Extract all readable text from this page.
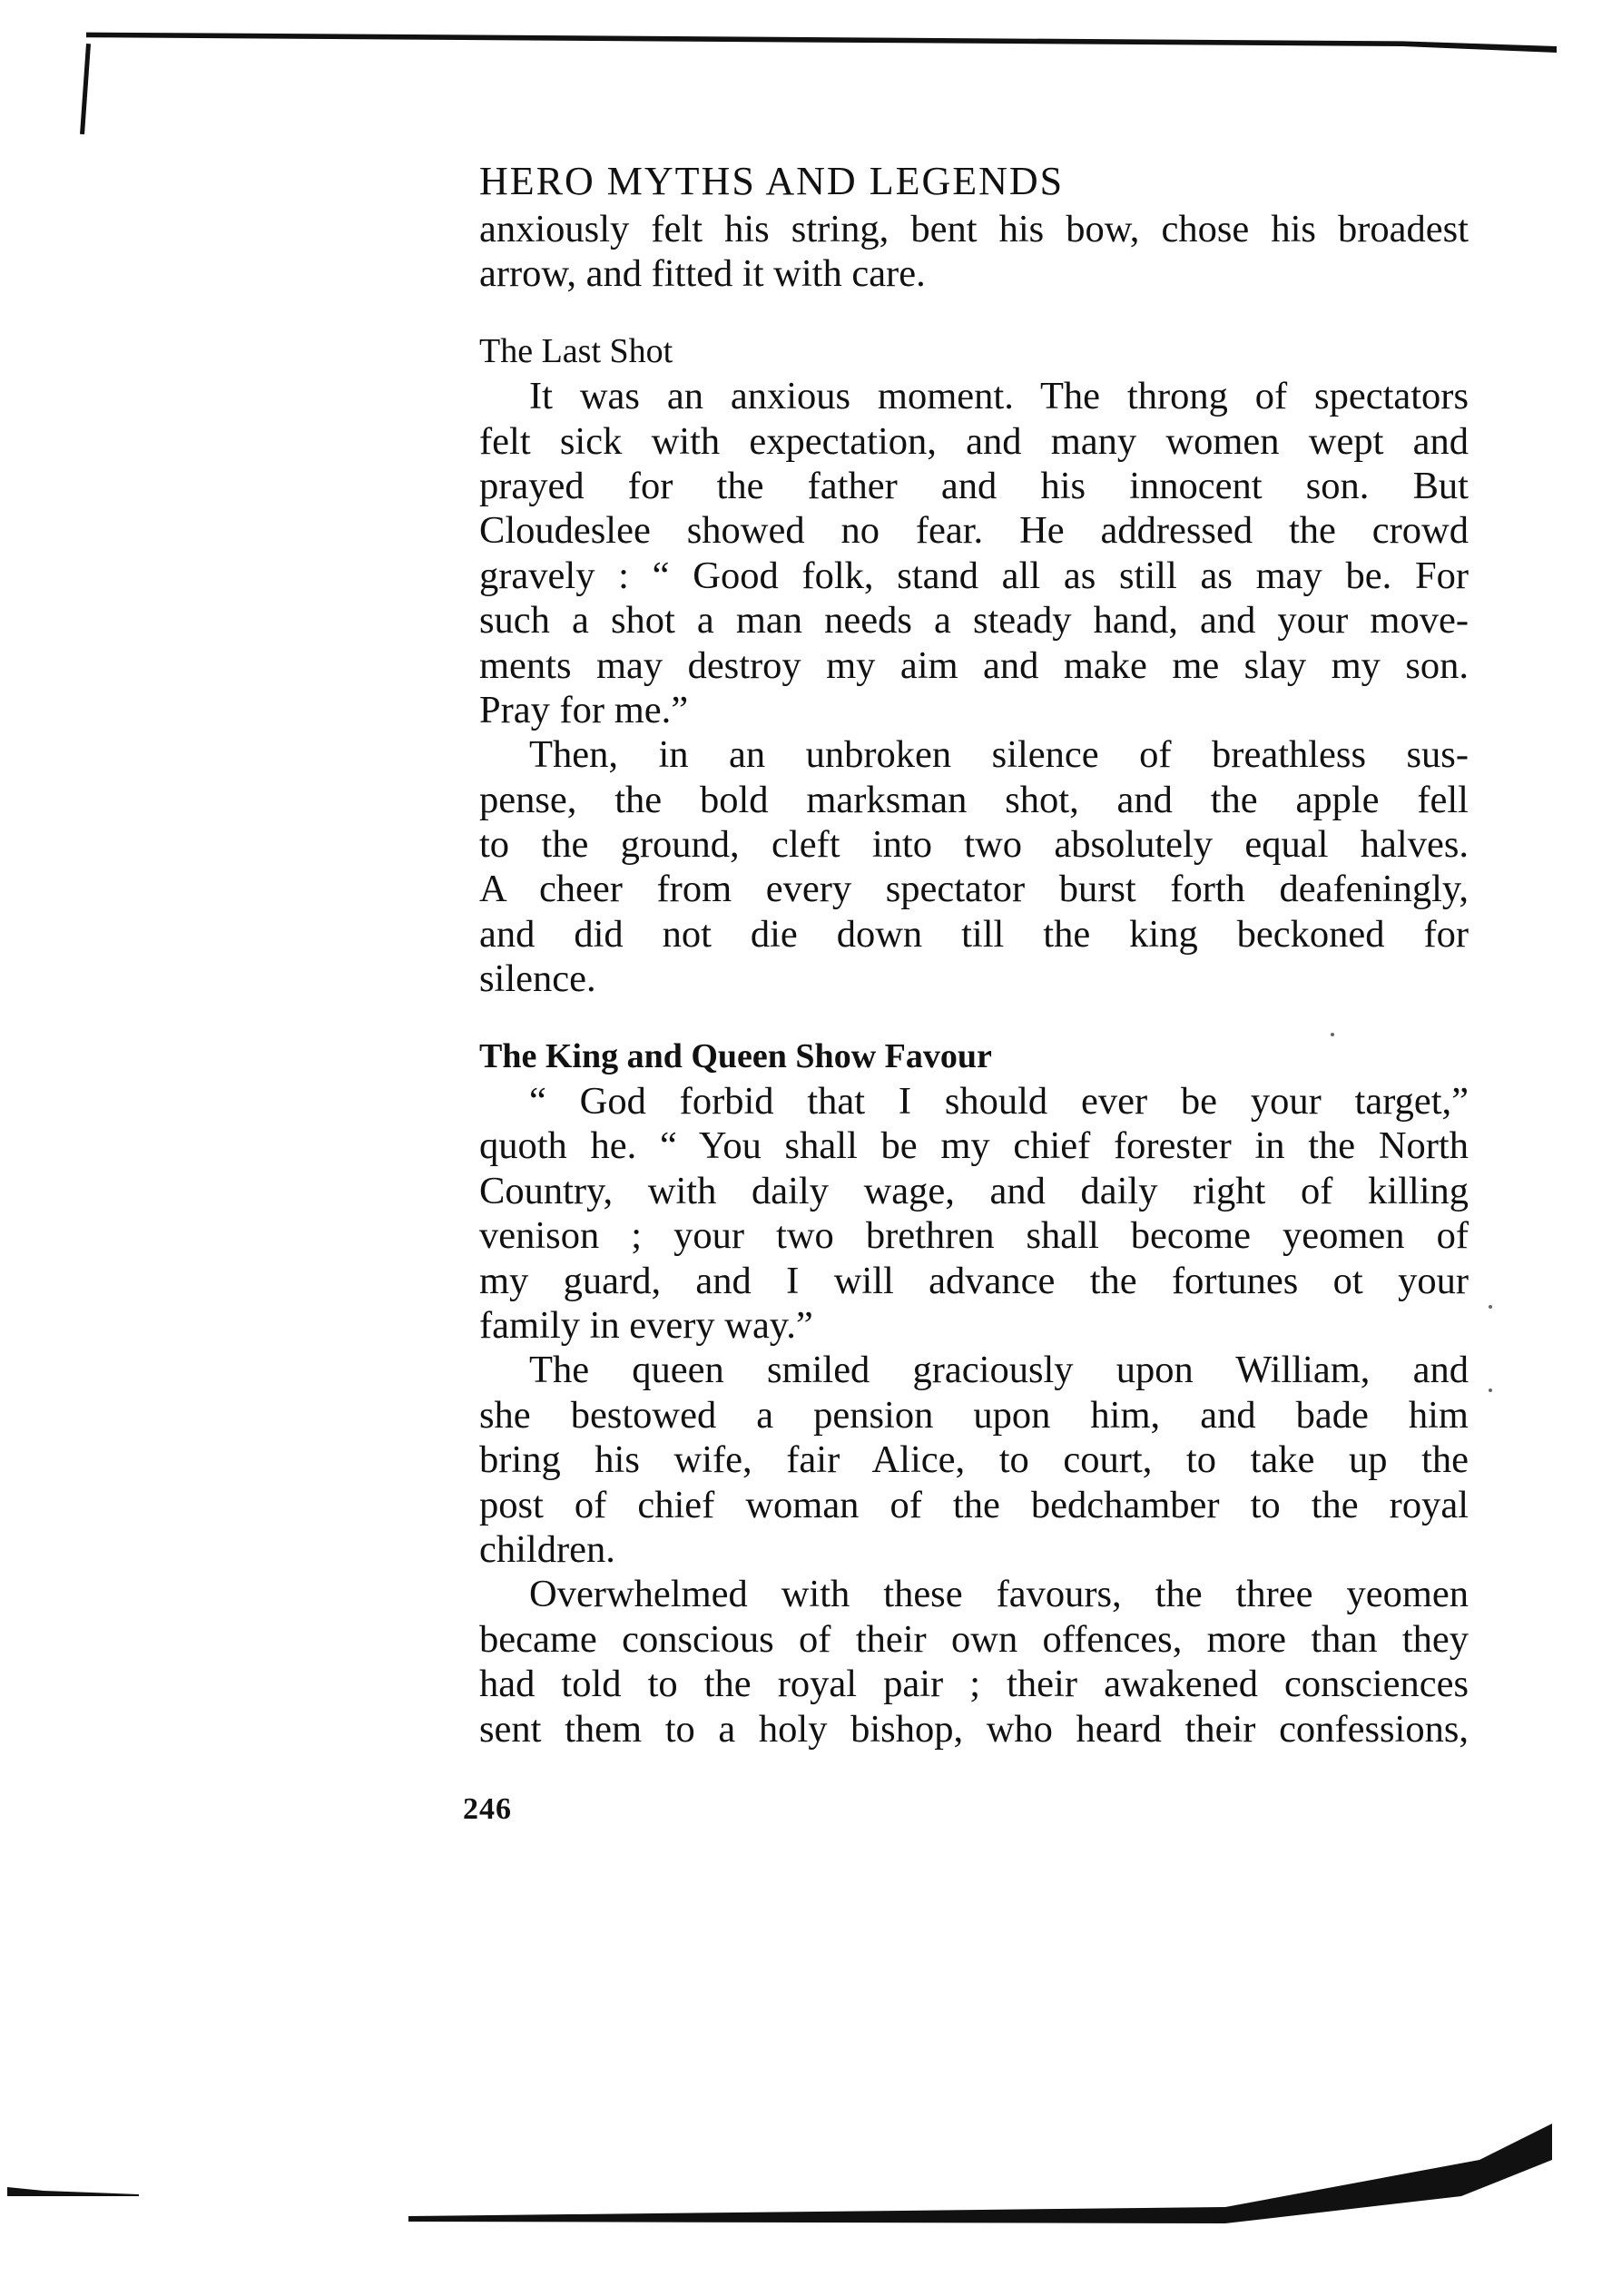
HERO MYTHS AND LEGENDS
anxiously felt his string, bent his bow, chose his broadest
arrow, and fitted it with care.
The Last Shot
It was an anxious moment. The throng of spectators
felt sick with expectation, and many women wept and
prayed for the father and his innocent son. But
Cloudeslee showed no fear. He addressed the crowd
gravely : “ Good folk, stand all as still as may be. For
such a shot a man needs a steady hand, and your move-
ments may destroy my aim and make me slay my son.
Pray for me.”
Then, in an unbroken silence of breathless sus-
pense, the bold marksman shot, and the apple fell
to the ground, cleft into two absolutely equal halves.
A cheer from every spectator burst forth deafeningly,
and did not die down till the king beckoned for
silence.
The King and Queen Show Favour
“ God forbid that I should ever be your target,”
quoth he. “ You shall be my chief forester in the North
Country, with daily wage, and daily right of killing
venison ; your two brethren shall become yeomen of
my guard, and I will advance the fortunes ot your
family in every way.”
The queen smiled graciously upon William, and
she bestowed a pension upon him, and bade him
bring his wife, fair Alice, to court, to take up the
post of chief woman of the bedchamber to the royal
children.
Overwhelmed with these favours, the three yeomen
became conscious of their own offences, more than they
had told to the royal pair ; their awakened consciences
sent them to a holy bishop, who heard their confessions,
246
